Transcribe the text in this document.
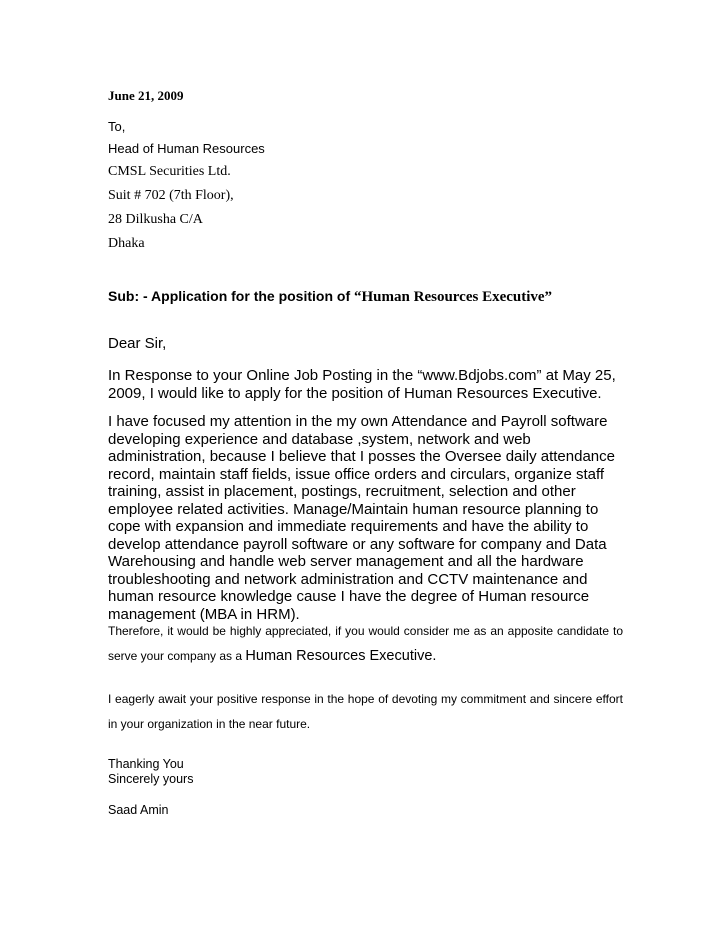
June 21, 2009
To,
Head of Human Resources
CMSL Securities Ltd.
Suit # 702 (7th Floor),
28 Dilkusha C/A
Dhaka
Sub: - Application for the position of “Human Resources Executive”
Dear Sir,
In Response to your Online Job Posting in the “www.Bdjobs.com” at May 25, 2009, I would like to apply for the position of Human Resources Executive.
I have focused my attention in the my own Attendance and Payroll software developing experience and database ,system, network and web administration, because I believe that I posses the Oversee daily attendance record, maintain staff fields, issue office orders and circulars, organize staff training, assist in placement, postings, recruitment, selection and other employee related activities. Manage/Maintain human resource planning to cope with expansion and immediate requirements and have the ability to develop attendance payroll software or any software for company and Data Warehousing and handle web server management and all the hardware troubleshooting and network administration and CCTV maintenance and human resource knowledge cause I have the degree of Human resource management (MBA in HRM).
Therefore, it would be highly appreciated, if you would consider me as an apposite candidate to serve your company as a Human Resources Executive.
I eagerly await your positive response in the hope of devoting my commitment and sincere effort in your organization in the near future.
Thanking You
Sincerely yours
Saad Amin
